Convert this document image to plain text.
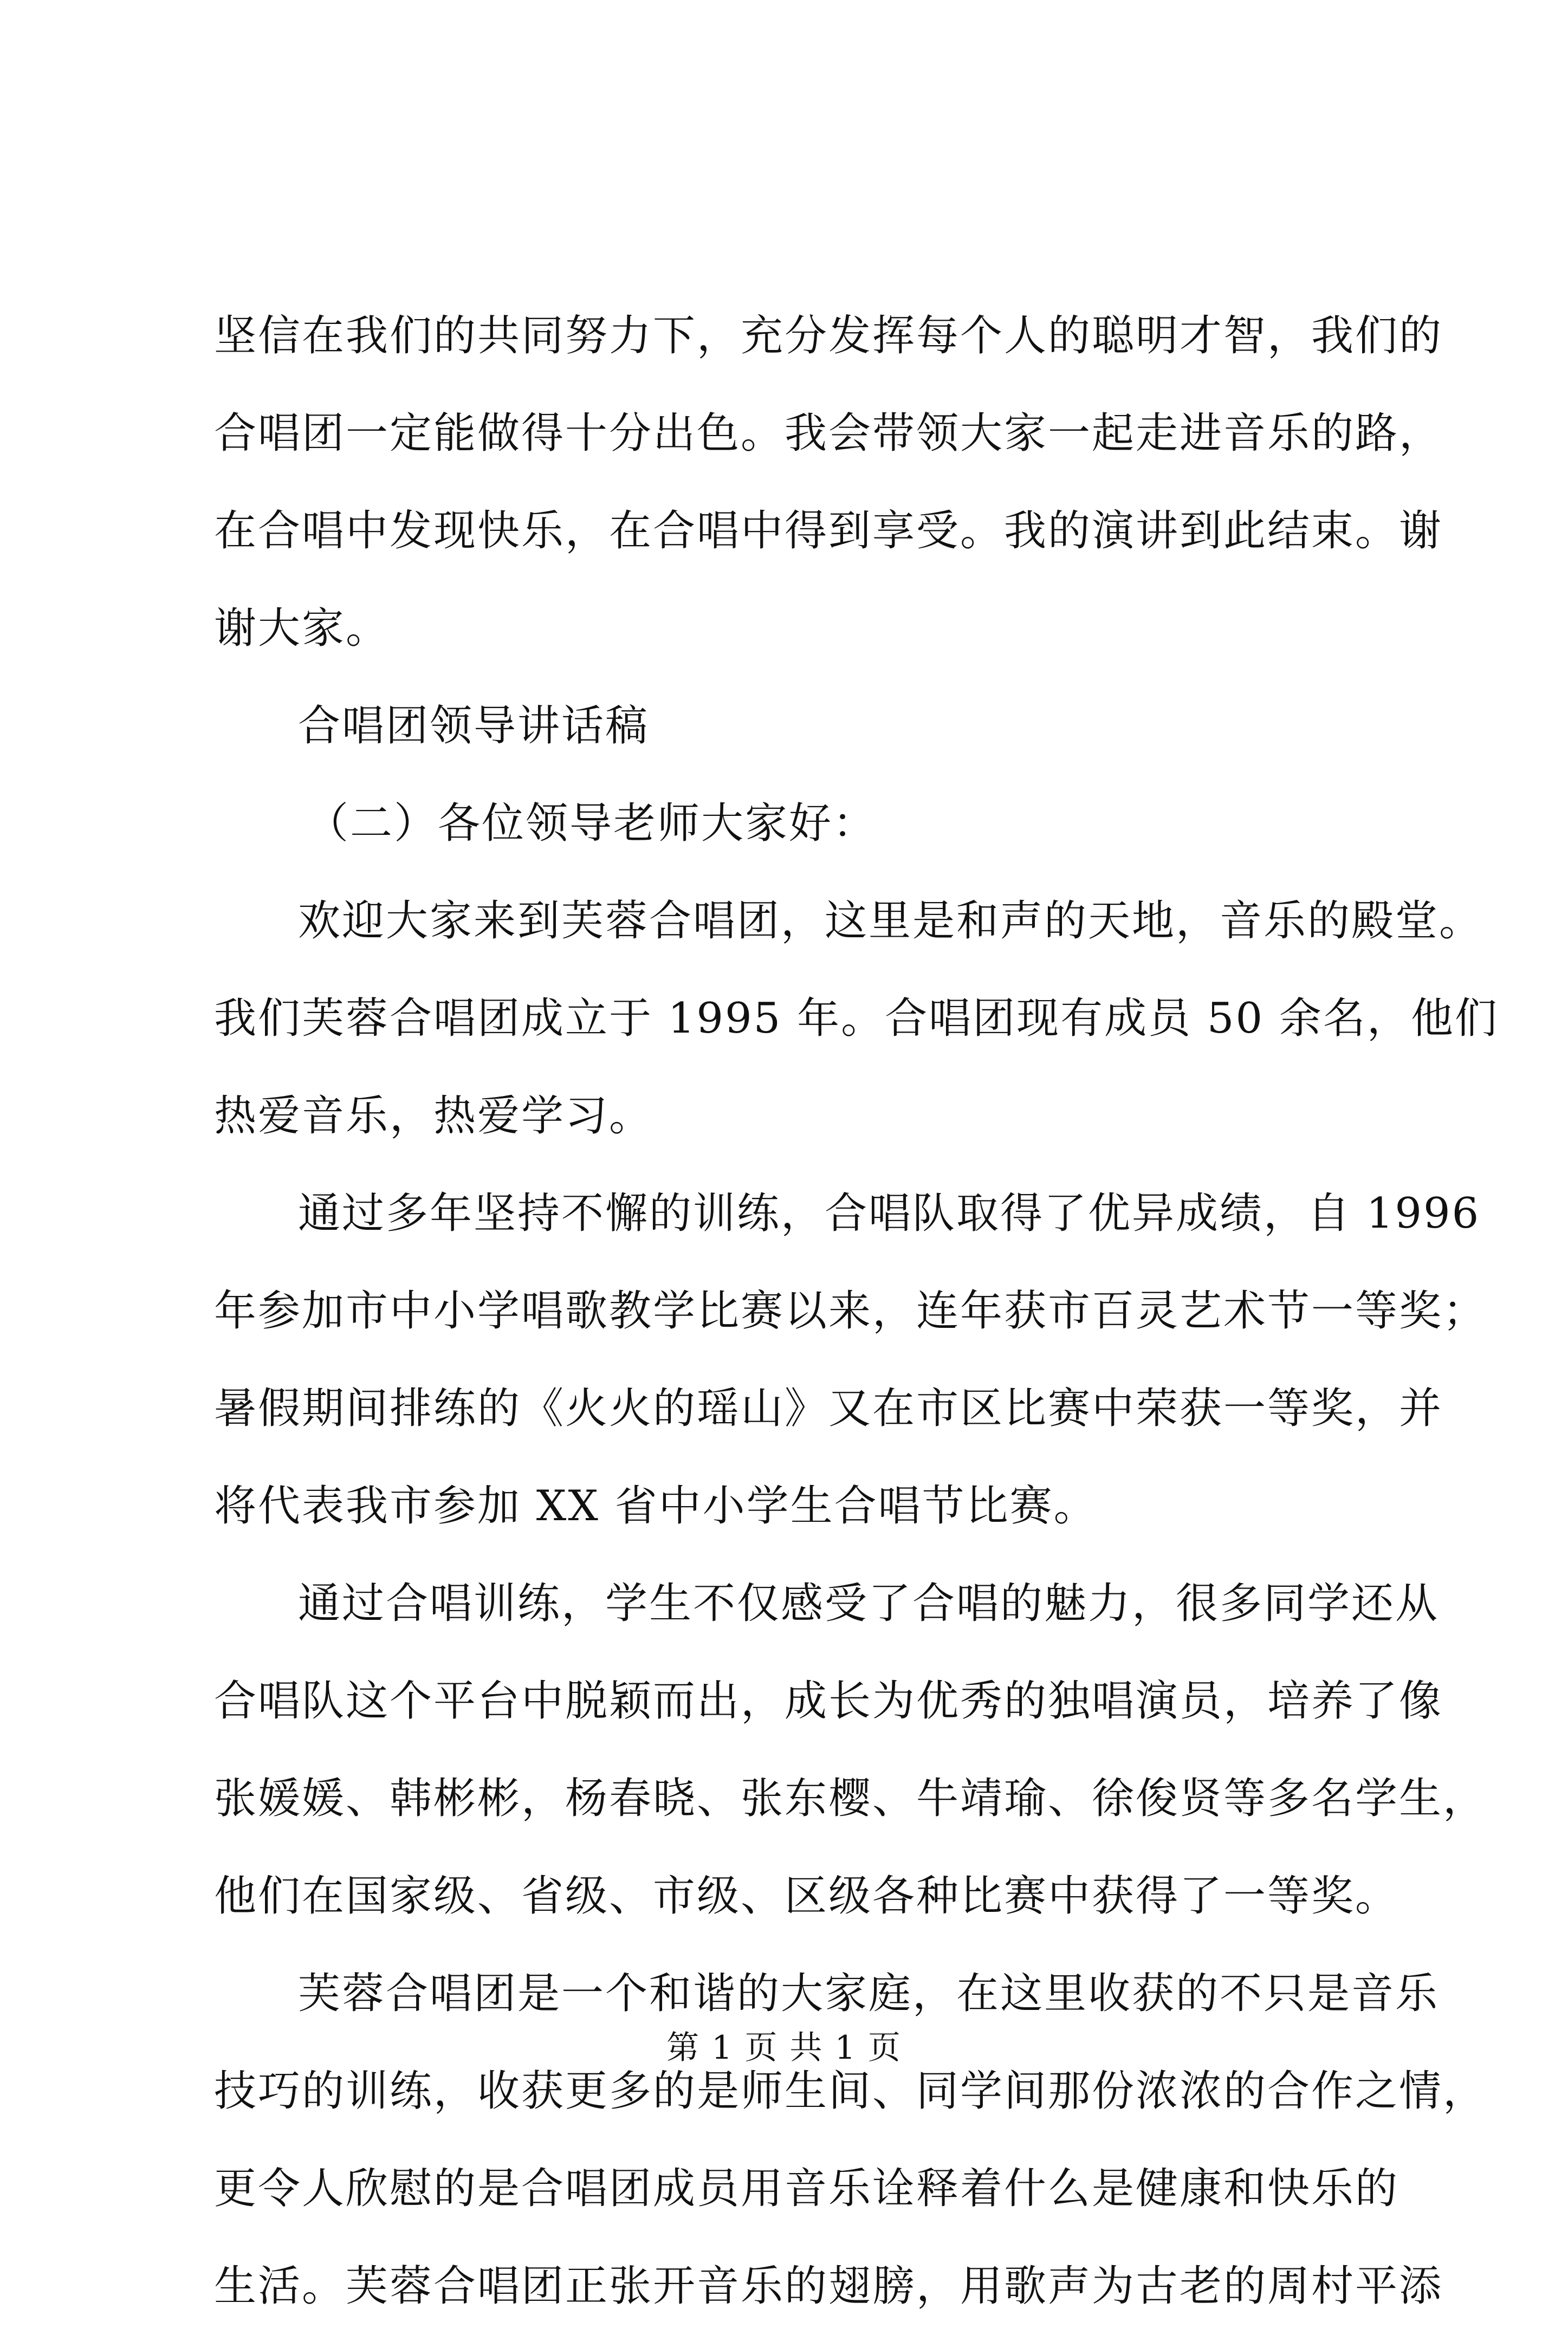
坚信在我们的共同努力下，充分发挥每个人的聪明才智，我们的
合唱团一定能做得十分出色。我会带领大家一起走进音乐的路，
在合唱中发现快乐，在合唱中得到享受。我的演讲到此结束。谢
谢大家。
合唱团领导讲话稿
（二）各位领导老师大家好：
欢迎大家来到芙蓉合唱团，这里是和声的天地，音乐的殿堂。
我们芙蓉合唱团成立于 1995 年。合唱团现有成员 50 余名，他们
热爱音乐，热爱学习。
通过多年坚持不懈的训练，合唱队取得了优异成绩，自 1996
年参加市中小学唱歌教学比赛以来，连年获市百灵艺术节一等奖；
暑假期间排练的《火火的瑶山》又在市区比赛中荣获一等奖，并
将代表我市参加 XX 省中小学生合唱节比赛。
通过合唱训练，学生不仅感受了合唱的魅力，很多同学还从
合唱队这个平台中脱颖而出，成长为优秀的独唱演员，培养了像
张媛媛、韩彬彬，杨春晓、张东樱、牛靖瑜、徐俊贤等多名学生，
他们在国家级、省级、市级、区级各种比赛中获得了一等奖。
芙蓉合唱团是一个和谐的大家庭，在这里收获的不只是音乐
技巧的训练，收获更多的是师生间、同学间那份浓浓的合作之情，
更令人欣慰的是合唱团成员用音乐诠释着什么是健康和快乐的
生活。芙蓉合唱团正张开音乐的翅膀，用歌声为古老的周村平添
第 1 页 共 1 页
